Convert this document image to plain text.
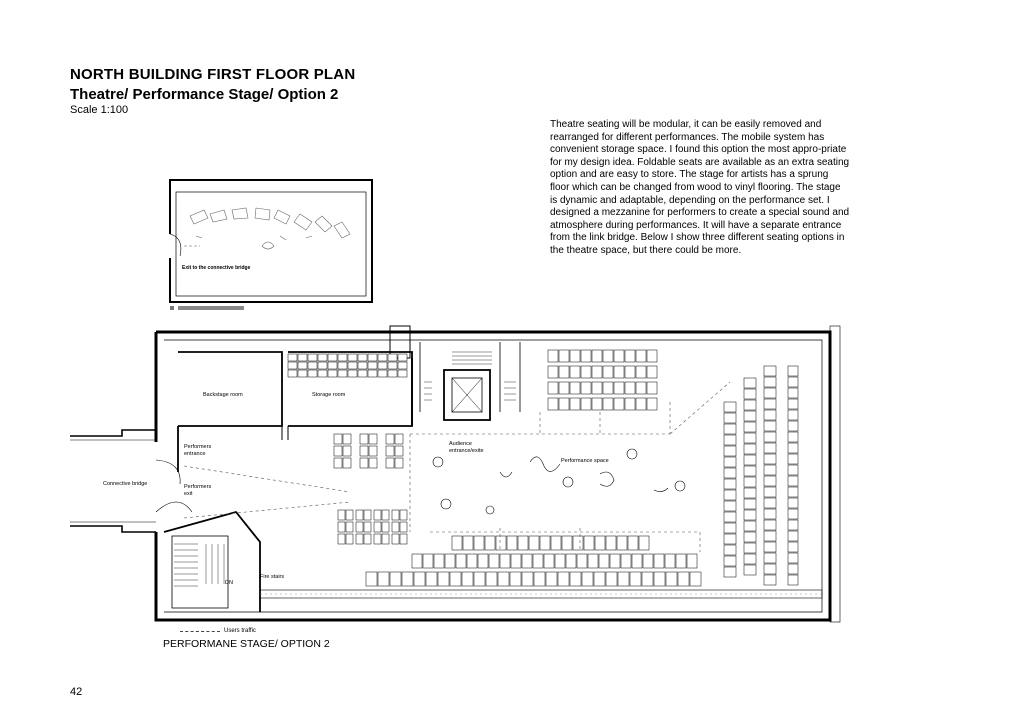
NORTH BUILDING FIRST FLOOR PLAN
Theatre/ Performance Stage/ Option 2
Scale 1:100
Theatre seating will be modular, it can be easily removed and rearranged for different performances. The mobile system has convenient storage space. I found this option the most appro-priate for my design idea. Foldable seats are available as an extra seating option and are easy to store. The stage for artists has a sprung floor which can be changed from wood to vinyl flooring. The stage is dynamic and adaptable, depending on the performance set. I designed a mezzanine for performers to create a special sound and atmosphere during performances. It will have a separate entrance from the link bridge. Below I show three different seating options in the theatre space, but there could be more.
Exit to the connective bridge
Backstage room	Storage room
Audience entrance/exite
Performance space
Performers entrance
Performers exit
Connective bridge
Fire stairs
DN
Users traffic
PERFORMANE STAGE/ OPTION 2
42
